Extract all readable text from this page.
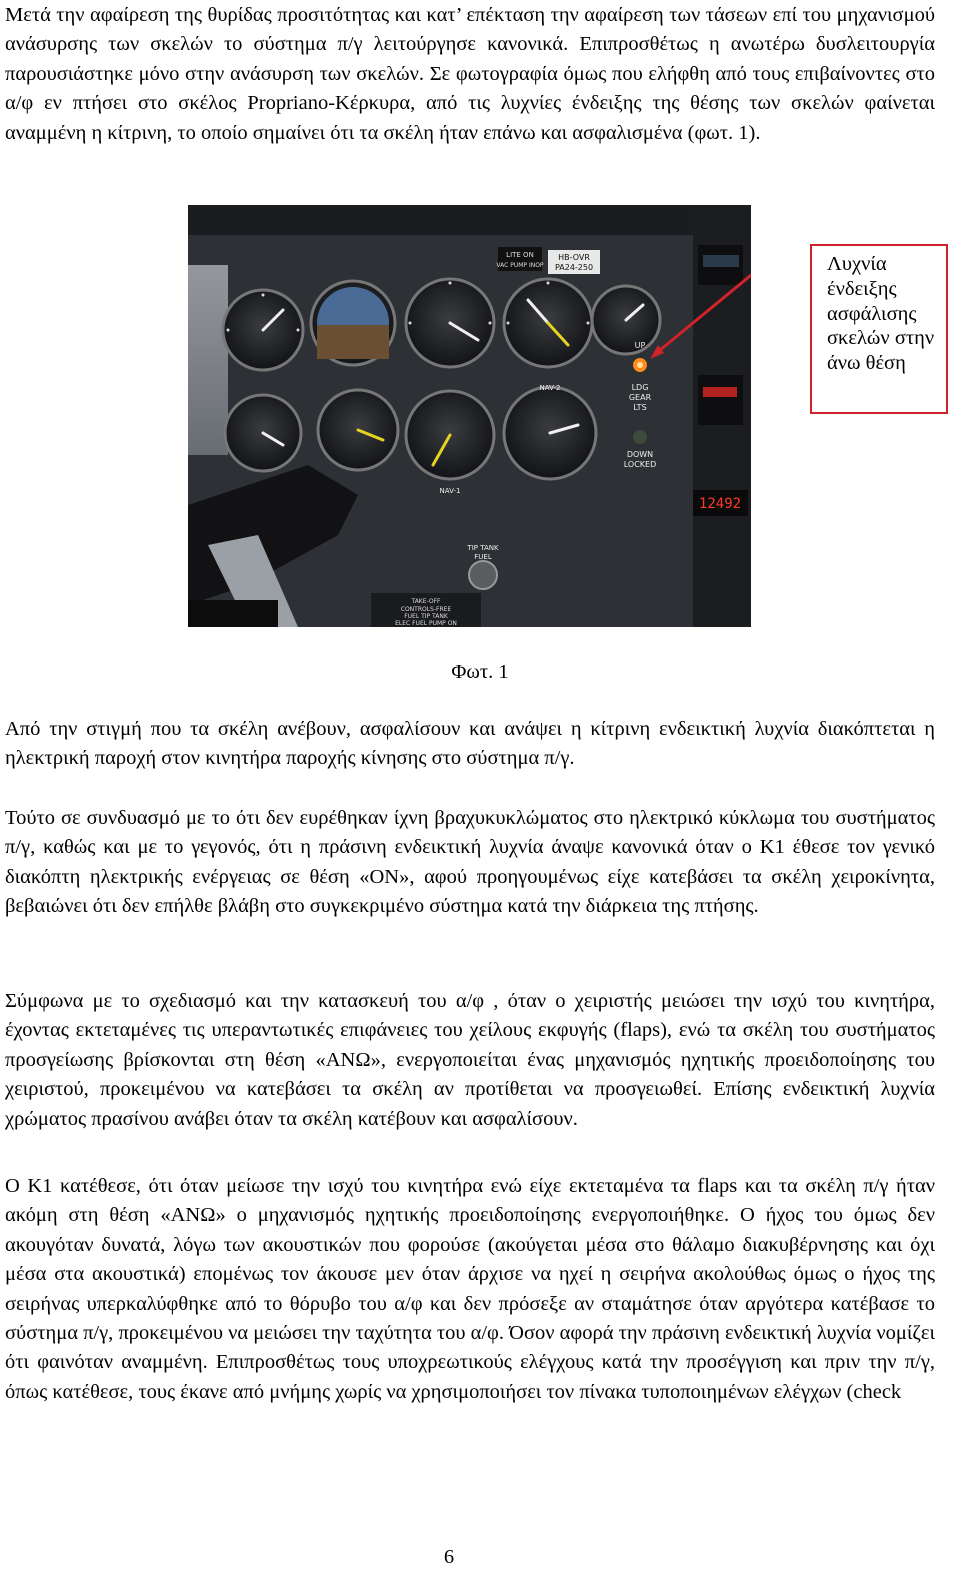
Μετά την αφαίρεση της θυρίδας προσιτότητας και κατ’ επέκταση την αφαίρεση των τάσεων επί του μηχανισμού ανάσυρσης των σκελών το σύστημα π/γ λειτούργησε κανονικά. Επιπροσθέτως η ανωτέρω δυσλειτουργία παρουσιάστηκε μόνο στην ανάσυρση των σκελών. Σε φωτογραφία όμως που ελήφθη από τους επιβαίνοντες στο α/φ εν πτήσει στο σκέλος Propriano-Κέρκυρα, από τις λυχνίες ένδειξης της θέσης των σκελών φαίνεται αναμμένη η κίτρινη, το οποίο σημαίνει ότι τα σκέλη ήταν επάνω και ασφαλισμένα (φωτ. 1).

LITE ON
VAC PUMP INOP
HB-OVR
PA24-250
UP
LDG
GEAR
LTS
DOWN
LOCKED
NAV-2
NAV-1
12492
TIP TANK
FUEL
TAKE-OFF
CONTROLS-FREE
FUEL TIP TANK
ELEC FUEL PUMP ON
Λυχνία ένδειξης ασφάλισης σκελών στην άνω θέση
Φωτ. 1

Από την στιγμή που τα σκέλη ανέβουν, ασφαλίσουν και ανάψει η κίτρινη ενδεικτική λυχνία διακόπτεται η ηλεκτρική παροχή στον κινητήρα παροχής κίνησης στο σύστημα π/γ.

Τούτο σε συνδυασμό με το ότι δεν ευρέθηκαν ίχνη βραχυκυκλώματος στο ηλεκτρικό κύκλωμα του συστήματος π/γ, καθώς και με το γεγονός, ότι η πράσινη ενδεικτική λυχνία άναψε κανονικά όταν ο Κ1 έθεσε τον γενικό διακόπτη ηλεκτρικής ενέργειας σε θέση «ΟΝ», αφού προηγουμένως είχε κατεβάσει τα σκέλη χειροκίνητα, βεβαιώνει ότι δεν επήλθε βλάβη στο συγκεκριμένο σύστημα κατά την διάρκεια της πτήσης.

Σύμφωνα με το σχεδιασμό και την κατασκευή του α/φ , όταν ο χειριστής μειώσει την ισχύ του κινητήρα, έχοντας εκτεταμένες τις υπεραντωτικές επιφάνειες του χείλους εκφυγής (flaps), ενώ τα σκέλη του συστήματος προσγείωσης βρίσκονται στη θέση «ΑΝΩ», ενεργοποιείται ένας μηχανισμός ηχητικής προειδοποίησης του χειριστού, προκειμένου να κατεβάσει τα σκέλη αν προτίθεται να προσγειωθεί. Επίσης ενδεικτική λυχνία χρώματος πρασίνου ανάβει όταν τα σκέλη κατέβουν και ασφαλίσουν.

Ο Κ1 κατέθεσε, ότι όταν μείωσε την ισχύ του κινητήρα ενώ είχε εκτεταμένα τα flaps και τα σκέλη π/γ ήταν ακόμη στη θέση «ΑΝΩ» ο μηχανισμός ηχητικής προειδοποίησης ενεργοποιήθηκε. Ο ήχος του όμως δεν ακουγόταν δυνατά, λόγω των ακουστικών που φορούσε (ακούγεται μέσα στο θάλαμο διακυβέρνησης και όχι μέσα στα ακουστικά) επομένως τον άκουσε μεν όταν άρχισε να ηχεί η σειρήνα ακολούθως όμως ο ήχος της σειρήνας υπερκαλύφθηκε από το θόρυβο του α/φ και δεν πρόσεξε αν σταμάτησε όταν αργότερα κατέβασε το σύστημα π/γ, προκειμένου να μειώσει την ταχύτητα του α/φ. Όσον αφορά την πράσινη ενδεικτική λυχνία νομίζει ότι φαινόταν αναμμένη. Επιπροσθέτως τους υποχρεωτικούς ελέγχους κατά την προσέγγιση και πριν την π/γ, όπως κατέθεσε, τους έκανε από μνήμης χωρίς να χρησιμοποιήσει τον πίνακα τυποποιημένων ελέγχων (check

6
